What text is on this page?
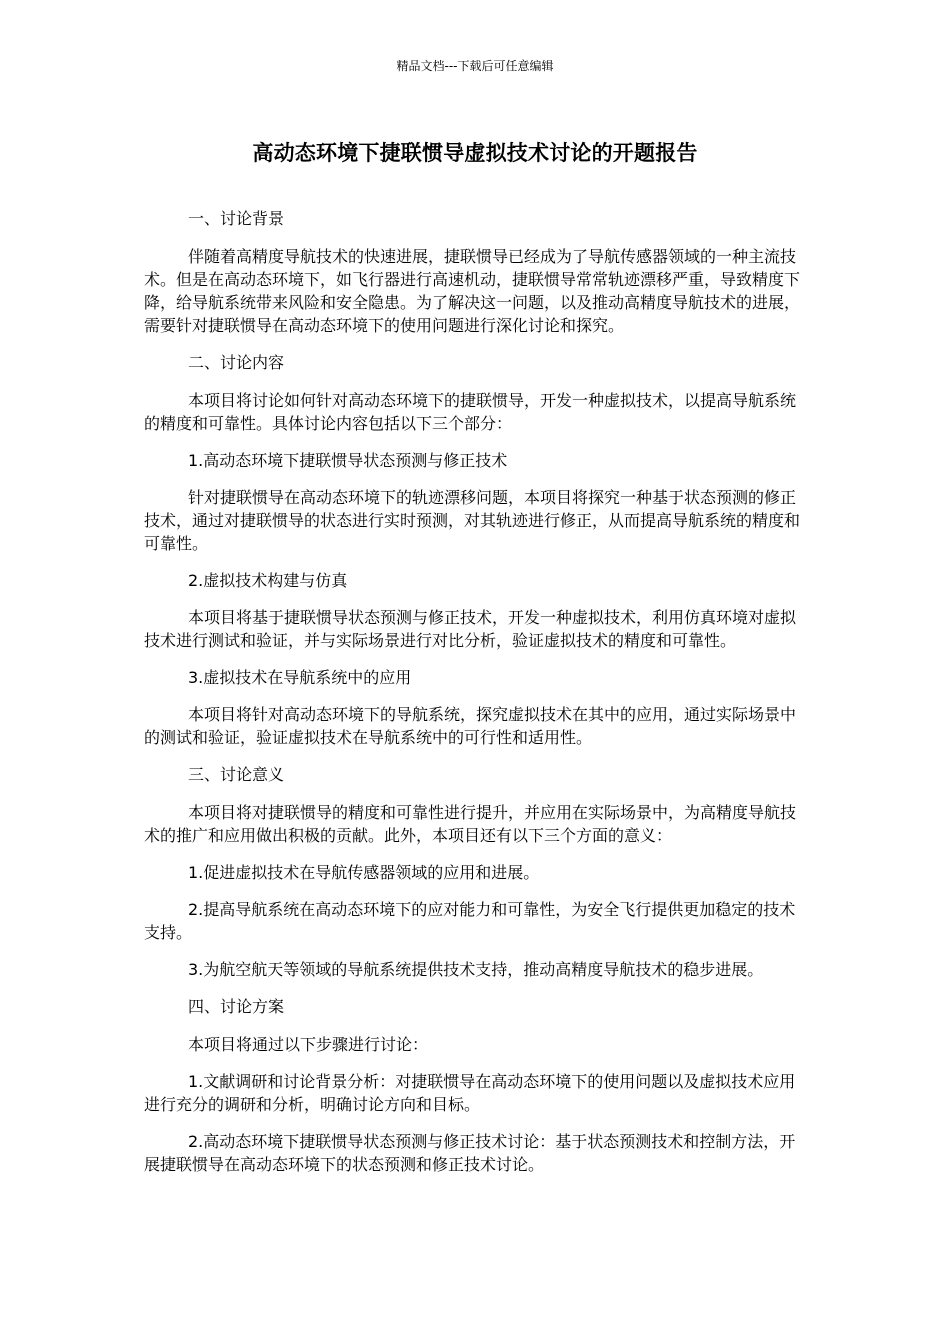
精品文档---下载后可任意编辑
高动态环境下捷联惯导虚拟技术讨论的开题报告

一、讨论背景

伴随着高精度导航技术的快速进展，捷联惯导已经成为了导航传感器领域的一种主流技术。但是在高动态环境下，如飞行器进行高速机动，捷联惯导常常轨迹漂移严重，导致精度下降，给导航系统带来风险和安全隐患。为了解决这一问题，以及推动高精度导航技术的进展，需要针对捷联惯导在高动态环境下的使用问题进行深化讨论和探究。

二、讨论内容

本项目将讨论如何针对高动态环境下的捷联惯导，开发一种虚拟技术，以提高导航系统的精度和可靠性。具体讨论内容包括以下三个部分：

1.高动态环境下捷联惯导状态预测与修正技术

针对捷联惯导在高动态环境下的轨迹漂移问题，本项目将探究一种基于状态预测的修正技术，通过对捷联惯导的状态进行实时预测，对其轨迹进行修正，从而提高导航系统的精度和可靠性。

2.虚拟技术构建与仿真

本项目将基于捷联惯导状态预测与修正技术，开发一种虚拟技术，利用仿真环境对虚拟技术进行测试和验证，并与实际场景进行对比分析，验证虚拟技术的精度和可靠性。

3.虚拟技术在导航系统中的应用

本项目将针对高动态环境下的导航系统，探究虚拟技术在其中的应用，通过实际场景中的测试和验证，验证虚拟技术在导航系统中的可行性和适用性。

三、讨论意义

本项目将对捷联惯导的精度和可靠性进行提升，并应用在实际场景中，为高精度导航技术的推广和应用做出积极的贡献。此外，本项目还有以下三个方面的意义：

1.促进虚拟技术在导航传感器领域的应用和进展。

2.提高导航系统在高动态环境下的应对能力和可靠性，为安全飞行提供更加稳定的技术支持。

3.为航空航天等领域的导航系统提供技术支持，推动高精度导航技术的稳步进展。

四、讨论方案

本项目将通过以下步骤进行讨论：

1.文献调研和讨论背景分析：对捷联惯导在高动态环境下的使用问题以及虚拟技术应用进行充分的调研和分析，明确讨论方向和目标。

2.高动态环境下捷联惯导状态预测与修正技术讨论：基于状态预测技术和控制方法，开展捷联惯导在高动态环境下的状态预测和修正技术讨论。
